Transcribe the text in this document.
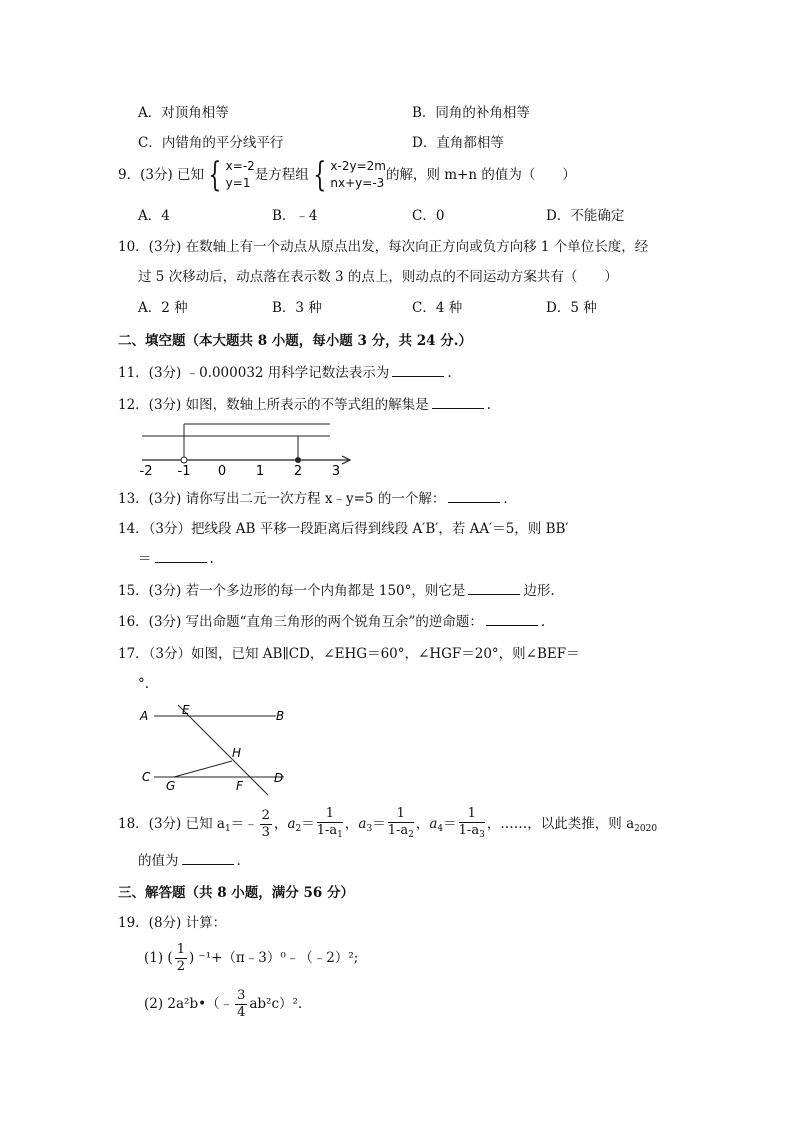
A．对顶角相等	B．同角的补角相等
C．内错角的平分线平行	D．直角都相等
9．(3分) 已知 { x=-2
y=1 是方程组 { x-2y=2m
nx+y=-3 的解，则 m+n 的值为（　　）
A．4	B．﹣4	C．0	D．不能确定
10．(3分) 在数轴上有一个动点从原点出发，每次向正方向或负方向移 1 个单位长度，经
过 5 次移动后，动点落在表示数 3 的点上，则动点的不同运动方案共有（　　）
A．2 种	B．3 种	C．4 种	D．5 种
二、填空题（本大题共 8 小题，每小题 3 分，共 24 分.）
11．(3分) ﹣0.000032 用科学记数法表示为	.
12．(3分) 如图，数轴上所表示的不等式组的解集是	.
-2 -1 0 1 2 3
13．(3分) 请你写出二元一次方程 x﹣y=5 的一个解：	.
14．（3分）把线段 AB 平移一段距离后得到线段 A′B′，若 AA′＝5，则 BB′
＝	.
15．(3分) 若一个多边形的每一个内角都是 150°，则它是	边形.
16．(3分) 写出命题“直角三角形的两个锐角互余”的逆命题：	.
17．（3分）如图，已知 AB∥CD，∠EHG＝60°，∠HGF＝20°，则∠BEF＝
°.
A	B
C	D
E
F
G
H
18．(3分) 已知 $a_1=﹣ \frac{2}{3}$ ，$a_2= \frac{1}{1-a_1}$ ，$a_3= \frac{1}{1-a_2}$ ，$a_4= \frac{1}{1-a_3}$ ，……，以此类推，则 $a_{2020}$
的值为	.
三、解答题（共 8 小题，满分 56 分）
19．(8分) 计算：
(1) ( $\frac{1}{2}$ ) ⁻¹+（π﹣3）⁰﹣（﹣2）²;
(2) 2a²b•（﹣ $\frac{3}{4} ab^2c)^2$.
